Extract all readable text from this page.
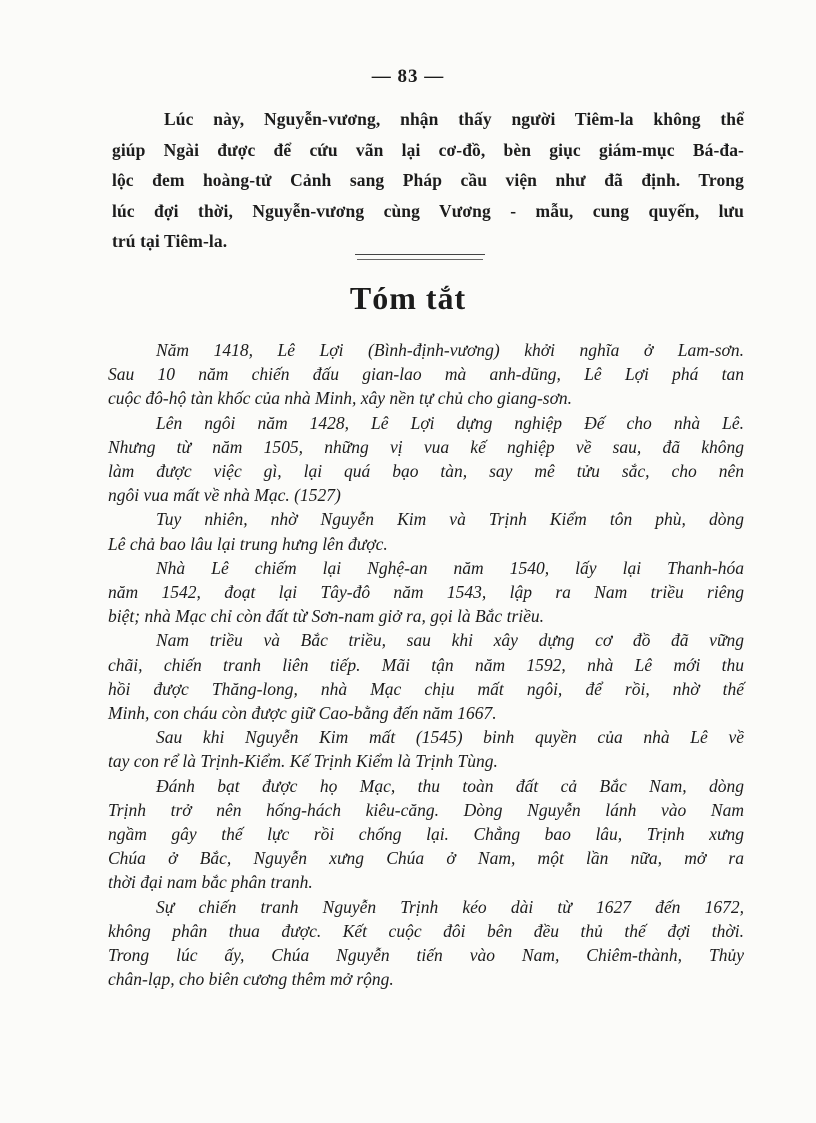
— 83 —
Lúc này, Nguyễn-vương, nhận thấy người Tiêm-la không thể
giúp Ngài được để cứu vãn lại cơ-đồ, bèn giục giám-mục Bá-đa-
lộc đem hoàng-tử Cảnh sang Pháp cầu viện như đã định. Trong
lúc đợi thời, Nguyễn-vương cùng Vương - mẫu, cung quyến, lưu
trú tại Tiêm-la.
Tóm tắt
Năm 1418, Lê Lợi (Bình-định-vương) khởi nghĩa ở Lam-sơn.
Sau 10 năm chiến đấu gian-lao mà anh-dũng, Lê Lợi phá tan
cuộc đô-hộ tàn khốc của nhà Minh, xây nền tự chủ cho giang-sơn.
Lên ngôi năm 1428, Lê Lợi dựng nghiệp Đế cho nhà Lê.
Nhưng từ năm 1505, những vị vua kế nghiệp về sau, đã không
làm được việc gì, lại quá bạo tàn, say mê tửu sắc, cho nên
ngôi vua mất về nhà Mạc. (1527)
Tuy nhiên, nhờ Nguyễn Kim và Trịnh Kiểm tôn phù, dòng
Lê chả bao lâu lại trung hưng lên được.
Nhà Lê chiếm lại Nghệ-an năm 1540, lấy lại Thanh-hóa
năm 1542, đoạt lại Tây-đô năm 1543, lập ra Nam triều riêng
biệt; nhà Mạc chỉ còn đất từ Sơn-nam giở ra, gọi là Bắc triều.
Nam triều và Bắc triều, sau khi xây dựng cơ đồ đã vững
chãi, chiến tranh liên tiếp. Mãi tận năm 1592, nhà Lê mới thu
hồi được Thăng-long, nhà Mạc chịu mất ngôi, để rồi, nhờ thế
Minh, con cháu còn được giữ Cao-bằng đến năm 1667.
Sau khi Nguyễn Kim mất (1545) binh quyền của nhà Lê về
tay con rể là Trịnh-Kiểm. Kế Trịnh Kiểm là Trịnh Tùng.
Đánh bạt được họ Mạc, thu toàn đất cả Bắc Nam, dòng
Trịnh trở nên hống-hách kiêu-căng. Dòng Nguyễn lánh vào Nam
ngầm gây thế lực rồi chống lại. Chẳng bao lâu, Trịnh xưng
Chúa ở Bắc, Nguyễn xưng Chúa ở Nam, một lần nữa, mở ra
thời đại nam bắc phân tranh.
Sự chiến tranh Nguyễn Trịnh kéo dài từ 1627 đến 1672,
không phân thua được. Kết cuộc đôi bên đều thủ thế đợi thời.
Trong lúc ấy, Chúa Nguyễn tiến vào Nam, Chiêm-thành, Thủy
chân-lạp, cho biên cương thêm mở rộng.
